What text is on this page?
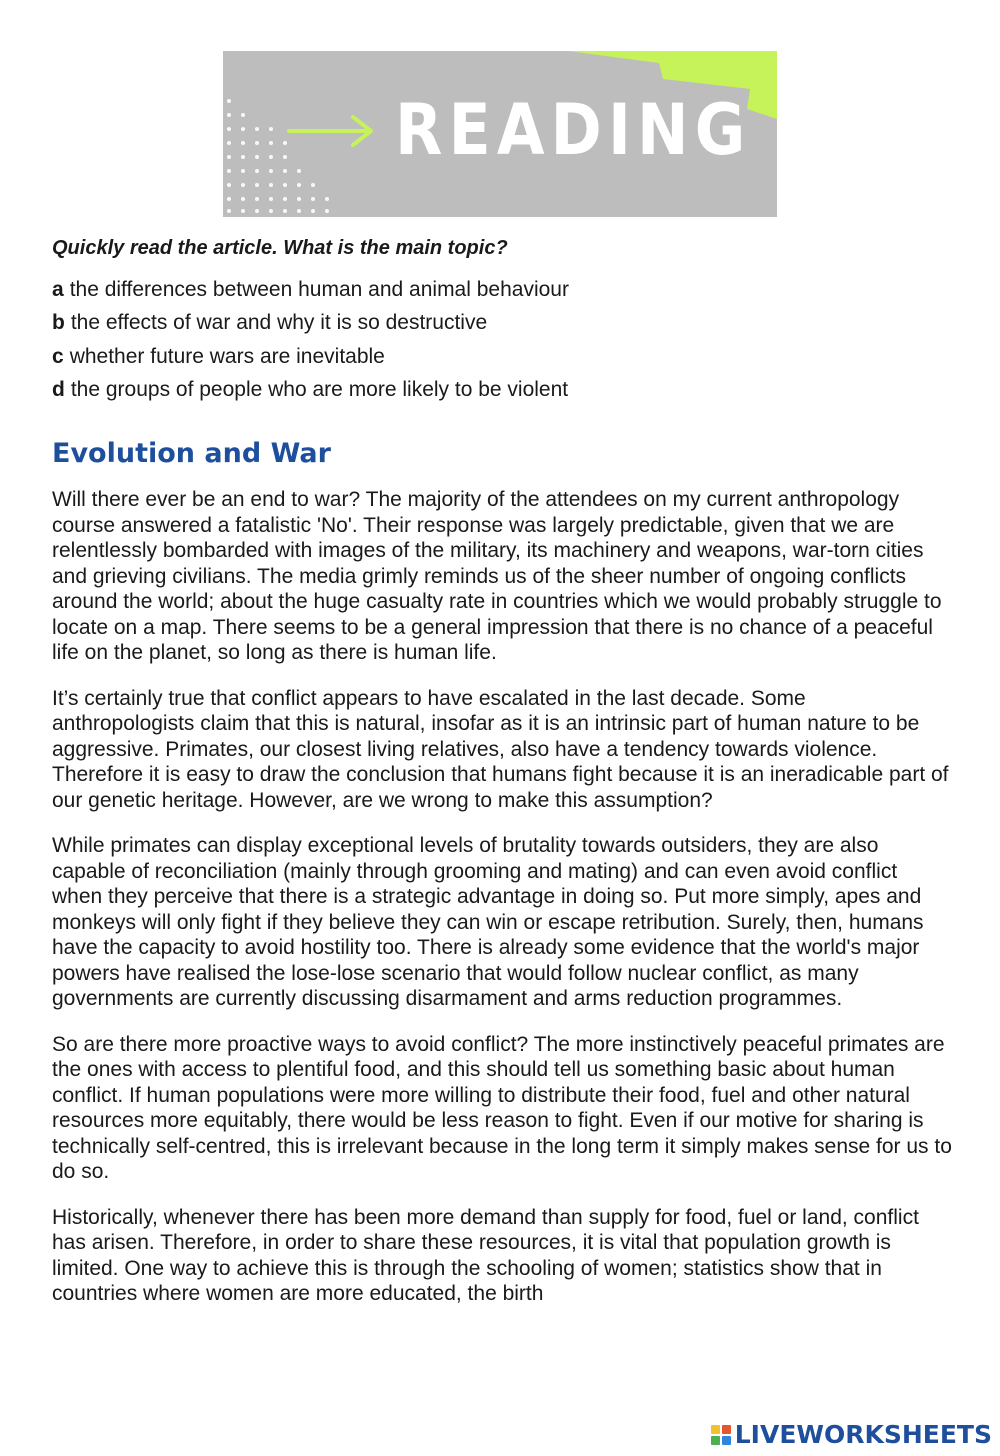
READING

Quickly read the article. What is the main topic?

a the differences between human and animal behaviour
b the effects of war and why it is so destructive
c whether future wars are inevitable
d the groups of people who are more likely to be violent
Evolution and War

Will there ever be an end to war? The majority of the attendees on my current anthropology course answered a fatalistic 'No'. Their response was largely predictable, given that we are relentlessly bombarded with images of the military, its machinery and weapons, war-torn cities and grieving civilians. The media grimly reminds us of the sheer number of ongoing conflicts around the world; about the huge casualty rate in countries which we would probably struggle to locate on a map. There seems to be a general impression that there is no chance of a peaceful life on the planet, so long as there is human life.

It’s certainly true that conflict appears to have escalated in the last decade. Some anthropologists claim that this is natural, insofar as it is an intrinsic part of human nature to be aggressive. Primates, our closest living relatives, also have a tendency towards violence. Therefore it is easy to draw the conclusion that humans fight because it is an ineradicable part of our genetic heritage. However, are we wrong to make this assumption?

While primates can display exceptional levels of brutality towards outsiders, they are also capable of reconciliation (mainly through grooming and mating) and can even avoid conflict when they perceive that there is a strategic advantage in doing so. Put more simply, apes and monkeys will only fight if they believe they can win or escape retribution. Surely, then, humans have the capacity to avoid hostility too. There is already some evidence that the world's major powers have realised the lose-lose scenario that would follow nuclear conflict, as many governments are currently discussing disarmament and arms reduction programmes.

So are there more proactive ways to avoid conflict? The more instinctively peaceful primates are the ones with access to plentiful food, and this should tell us something basic about human conflict. If human populations were more willing to distribute their food, fuel and other natural resources more equitably, there would be less reason to fight. Even if our motive for sharing is technically self-centred, this is irrelevant because in the long term it simply makes sense for us to do so.

Historically, whenever there has been more demand than supply for food, fuel or land, conflict has arisen. Therefore, in order to share these resources, it is vital that population growth is limited. One way to achieve this is through the schooling of women; statistics show that in countries where women are more educated, the birth

LIVEWORKSHEETS
